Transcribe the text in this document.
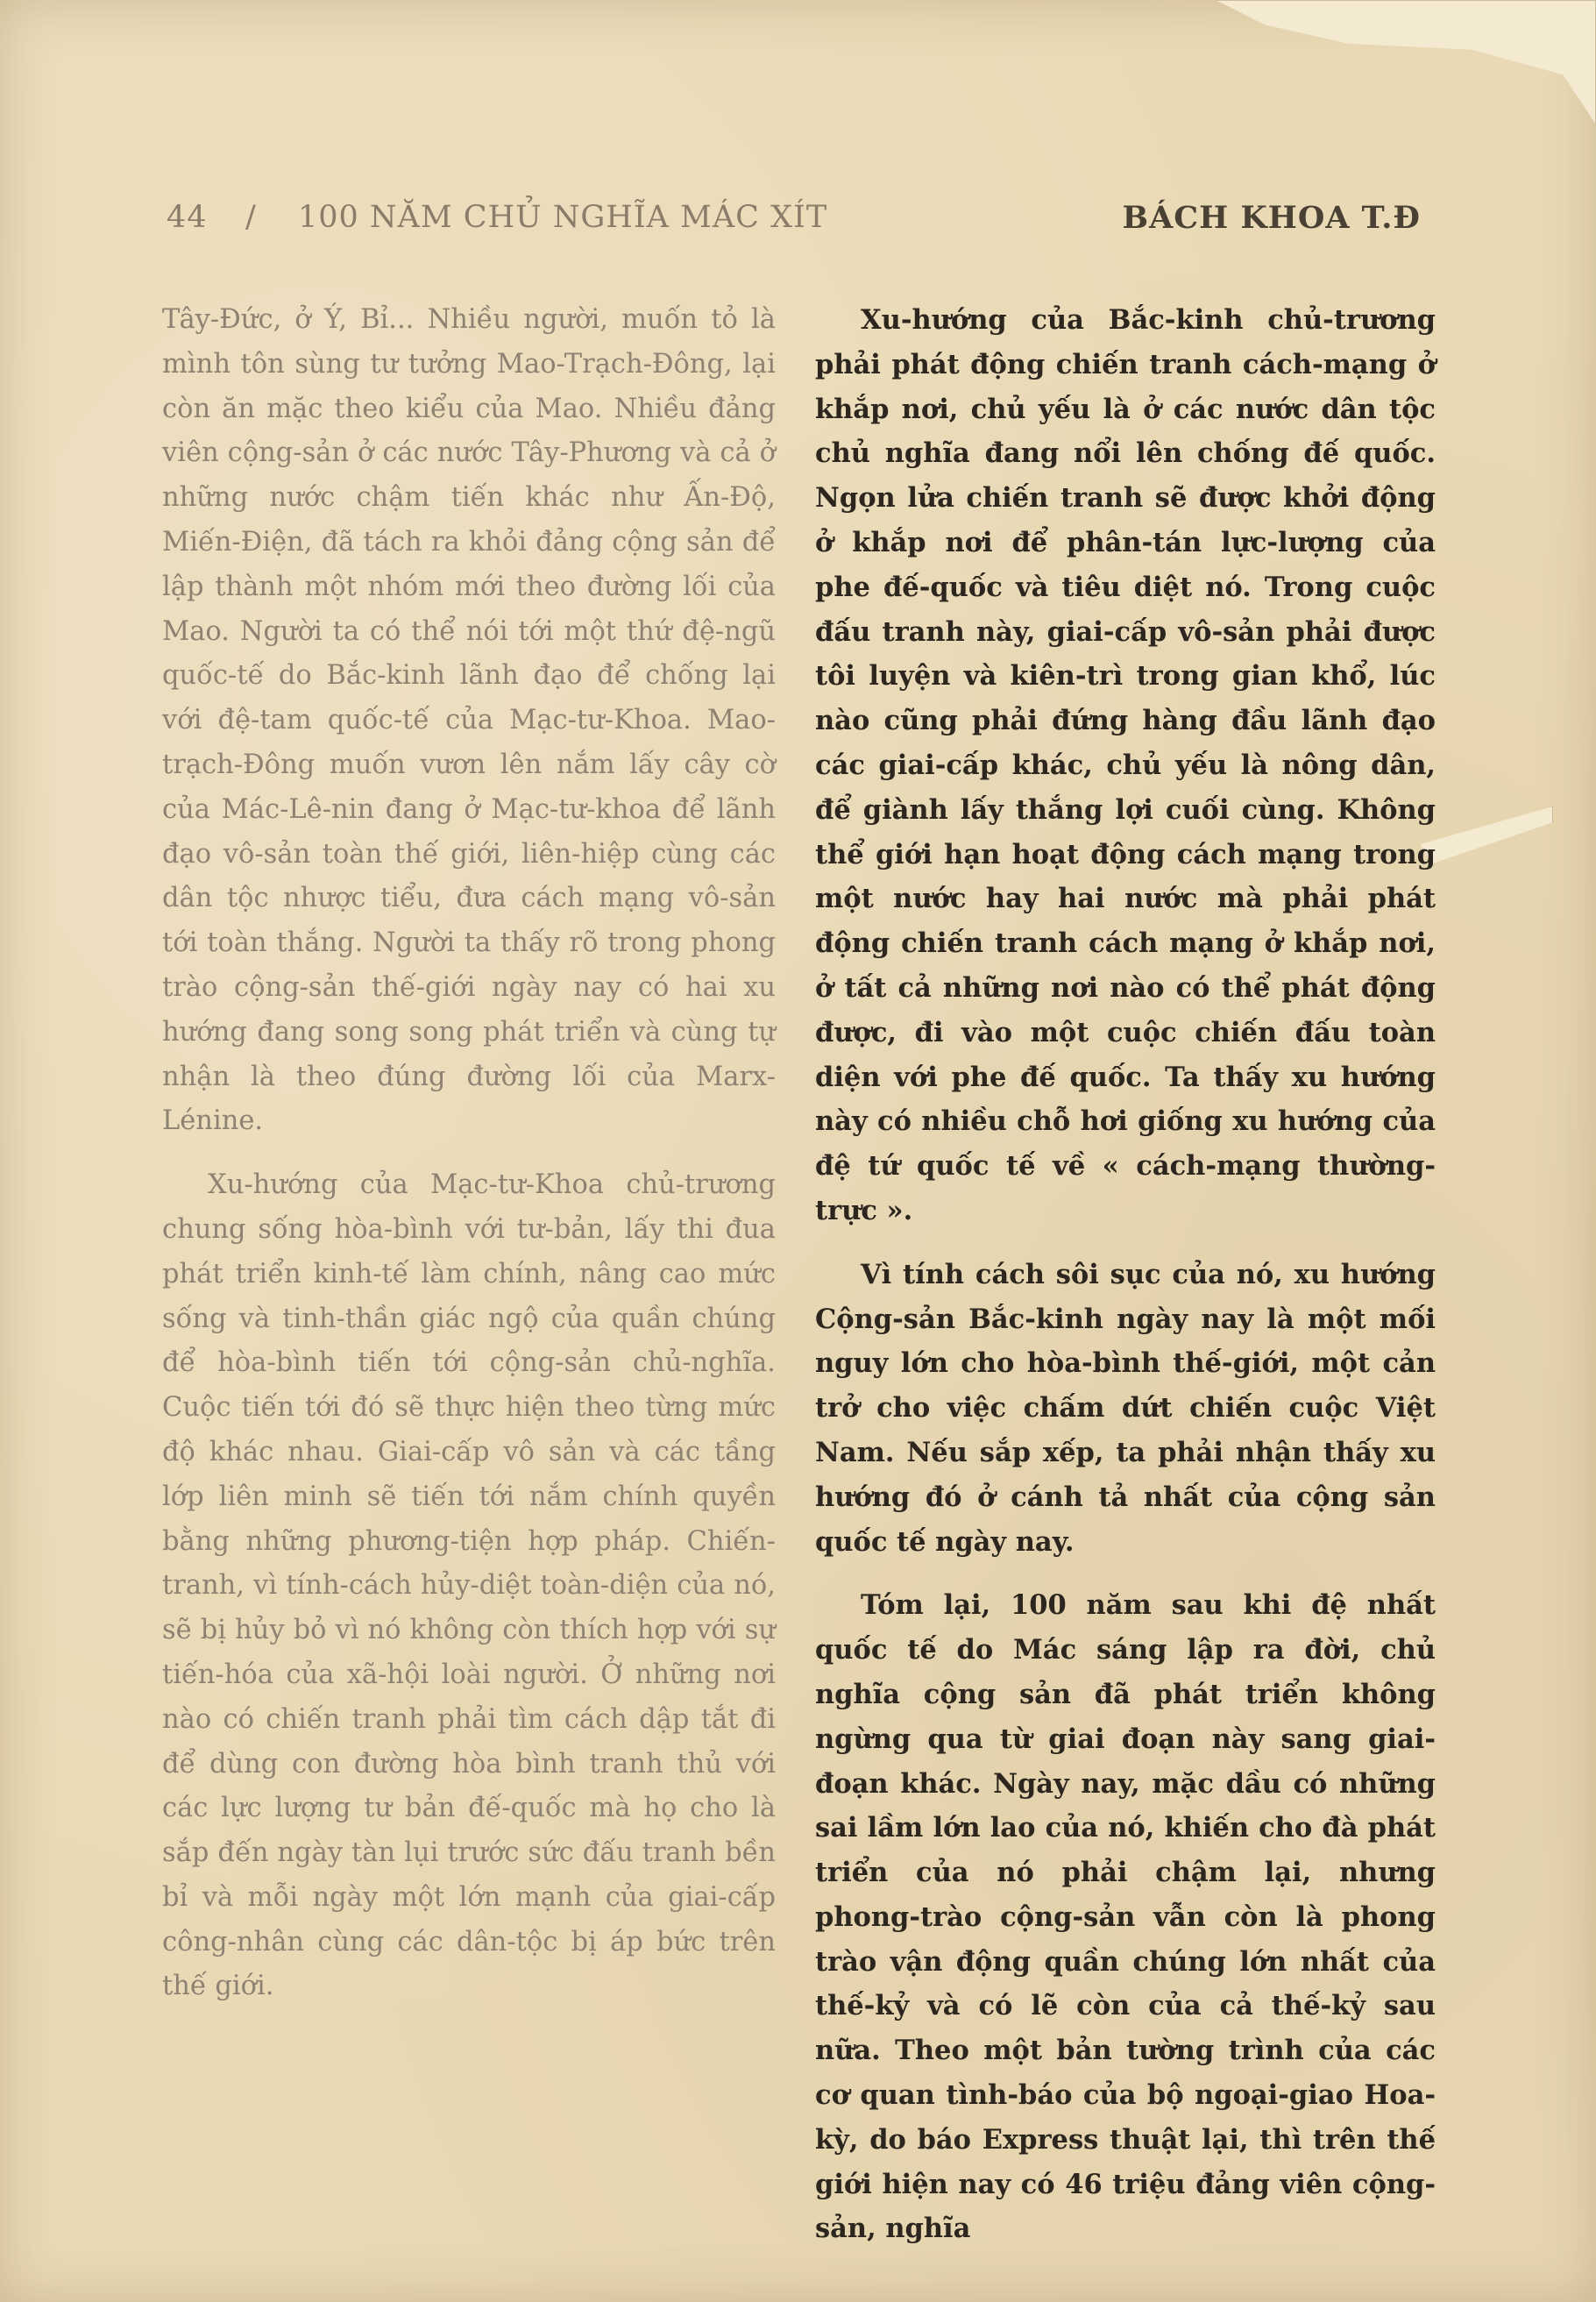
44 / 100 NĂM CHỦ NGHĨA MÁC XÍT	BÁCH KHOA T.Đ

Tây-Đức, ở Ý, Bỉ... Nhiều người, muốn tỏ là mình tôn sùng tư tưởng Mao-Trạch-Đông, lại còn ăn mặc theo kiểu của Mao. Nhiều đảng viên cộng-sản ở các nước Tây-Phương và cả ở những nước chậm tiến khác như Ấn-Độ, Miến-Điện, đã tách ra khỏi đảng cộng sản để lập thành một nhóm mới theo đường lối của Mao. Người ta có thể nói tới một thứ đệ-ngũ quốc-tế do Bắc-kinh lãnh đạo để chống lại với đệ-tam quốc-tế của Mạc-tư-Khoa. Mao-trạch-Đông muốn vươn lên nắm lấy cây cờ của Mác-Lê-nin đang ở Mạc-tư-khoa để lãnh đạo vô-sản toàn thế giới, liên-hiệp cùng các dân tộc nhược tiểu, đưa cách mạng vô-sản tới toàn thắng. Người ta thấy rõ trong phong trào cộng-sản thế-giới ngày nay có hai xu hướng đang song song phát triển và cùng tự nhận là theo đúng đường lối của Marx-Lénine.

Xu-hướng của Mạc-tư-Khoa chủ-trương chung sống hòa-bình với tư-bản, lấy thi đua phát triển kinh-tế làm chính, nâng cao mức sống và tinh-thần giác ngộ của quần chúng để hòa-bình tiến tới cộng-sản chủ-nghĩa. Cuộc tiến tới đó sẽ thực hiện theo từng mức độ khác nhau. Giai-cấp vô sản và các tầng lớp liên minh sẽ tiến tới nắm chính quyền bằng những phương-tiện hợp pháp. Chiến-tranh, vì tính-cách hủy-diệt toàn-diện của nó, sẽ bị hủy bỏ vì nó không còn thích hợp với sự tiến-hóa của xã-hội loài người. Ở những nơi nào có chiến tranh phải tìm cách dập tắt đi để dùng con đường hòa bình tranh thủ với các lực lượng tư bản đế-quốc mà họ cho là sắp đến ngày tàn lụi trước sức đấu tranh bền bỉ và mỗi ngày một lớn mạnh của giai-cấp công-nhân cùng các dân-tộc bị áp bức trên thế giới.

Xu-hướng của Bắc-kinh chủ-trương phải phát động chiến tranh cách-mạng ở khắp nơi, chủ yếu là ở các nước dân tộc chủ nghĩa đang nổi lên chống đế quốc. Ngọn lửa chiến tranh sẽ được khởi động ở khắp nơi để phân-tán lực-lượng của phe đế-quốc và tiêu diệt nó. Trong cuộc đấu tranh này, giai-cấp vô-sản phải được tôi luyện và kiên-trì trong gian khổ, lúc nào cũng phải đứng hàng đầu lãnh đạo các giai-cấp khác, chủ yếu là nông dân, để giành lấy thắng lợi cuối cùng. Không thể giới hạn hoạt động cách mạng trong một nước hay hai nước mà phải phát động chiến tranh cách mạng ở khắp nơi, ở tất cả những nơi nào có thể phát động được, đi vào một cuộc chiến đấu toàn diện với phe đế quốc. Ta thấy xu hướng này có nhiều chỗ hơi giống xu hướng của đệ tứ quốc tế về « cách-mạng thường-trực ».

Vì tính cách sôi sục của nó, xu hướng Cộng-sản Bắc-kinh ngày nay là một mối nguy lớn cho hòa-bình thế-giới, một cản trở cho việc chấm dứt chiến cuộc Việt Nam. Nếu sắp xếp, ta phải nhận thấy xu hướng đó ở cánh tả nhất của cộng sản quốc tế ngày nay.

Tóm lại, 100 năm sau khi đệ nhất quốc tế do Mác sáng lập ra đời, chủ nghĩa cộng sản đã phát triển không ngừng qua từ giai đoạn này sang giai-đoạn khác. Ngày nay, mặc dầu có những sai lầm lớn lao của nó, khiến cho đà phát triển của nó phải chậm lại, nhưng phong-trào cộng-sản vẫn còn là phong trào vận động quần chúng lớn nhất của thế-kỷ và có lẽ còn của cả thế-kỷ sau nữa. Theo một bản tường trình của các cơ quan tình-báo của bộ ngoại-giao Hoa-kỳ, do báo Express thuật lại, thì trên thế giới hiện nay có 46 triệu đảng viên cộng-sản, nghĩa
